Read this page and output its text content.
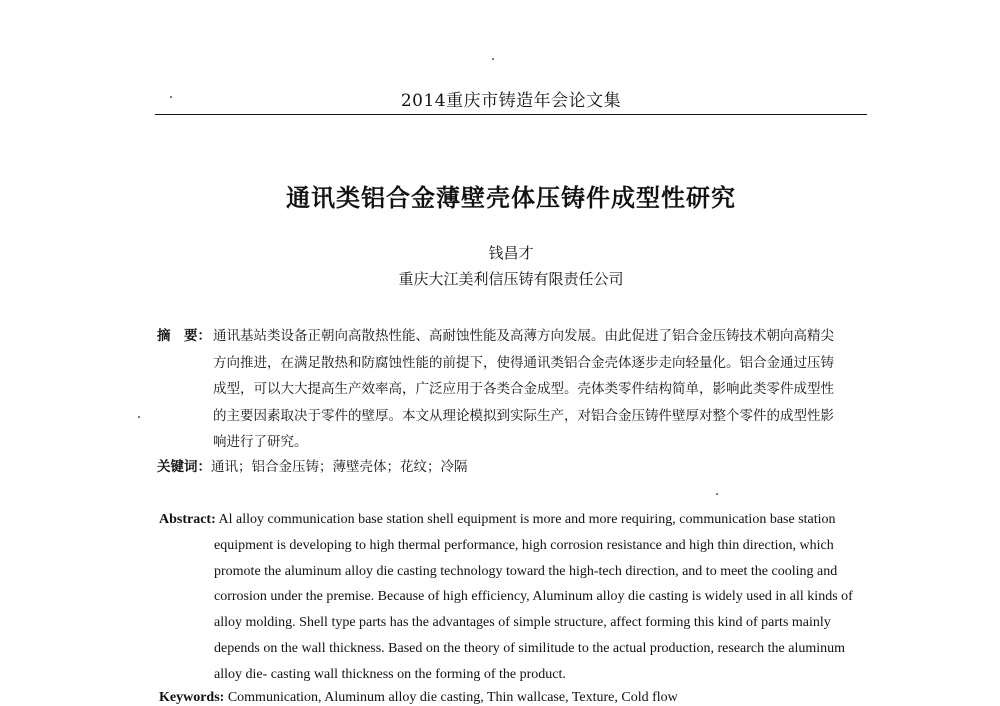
2014重庆市铸造年会论文集
通讯类铝合金薄壁壳体压铸件成型性研究
钱昌才
重庆大江美利信压铸有限责任公司
摘　要： 通讯基站类设备正朝向高散热性能、高耐蚀性能及高薄方向发展。由此促进了铝合金压铸技术朝向高精尖
方向推进，在满足散热和防腐蚀性能的前提下，使得通讯类铝合金壳体逐步走向轻量化。铝合金通过压铸
成型，可以大大提高生产效率高，广泛应用于各类合金成型。壳体类零件结构简单，影响此类零件成型性
的主要因素取决于零件的壁厚。本文从理论模拟到实际生产，对铝合金压铸件壁厚对整个零件的成型性影
响进行了研究。
关键词：通讯；铝合金压铸；薄壁壳体；花纹；冷隔
Abstract: Al alloy communication base station shell equipment is more and more requiring, communication base station
equipment is developing to high thermal performance, high corrosion resistance and high thin direction, which
promote the aluminum alloy die casting technology toward the high-tech direction, and to meet the cooling and
corrosion under the premise. Because of high efficiency, Aluminum alloy die casting is widely used in all kinds of
alloy molding. Shell type parts has the advantages of simple structure, affect forming this kind of parts mainly
depends on the wall thickness. Based on the theory of similitude to the actual production, research the aluminum
alloy die- casting wall thickness on the forming of the product.
Keywords: Communication, Aluminum alloy die casting, Thin wallcase, Texture, Cold flow
